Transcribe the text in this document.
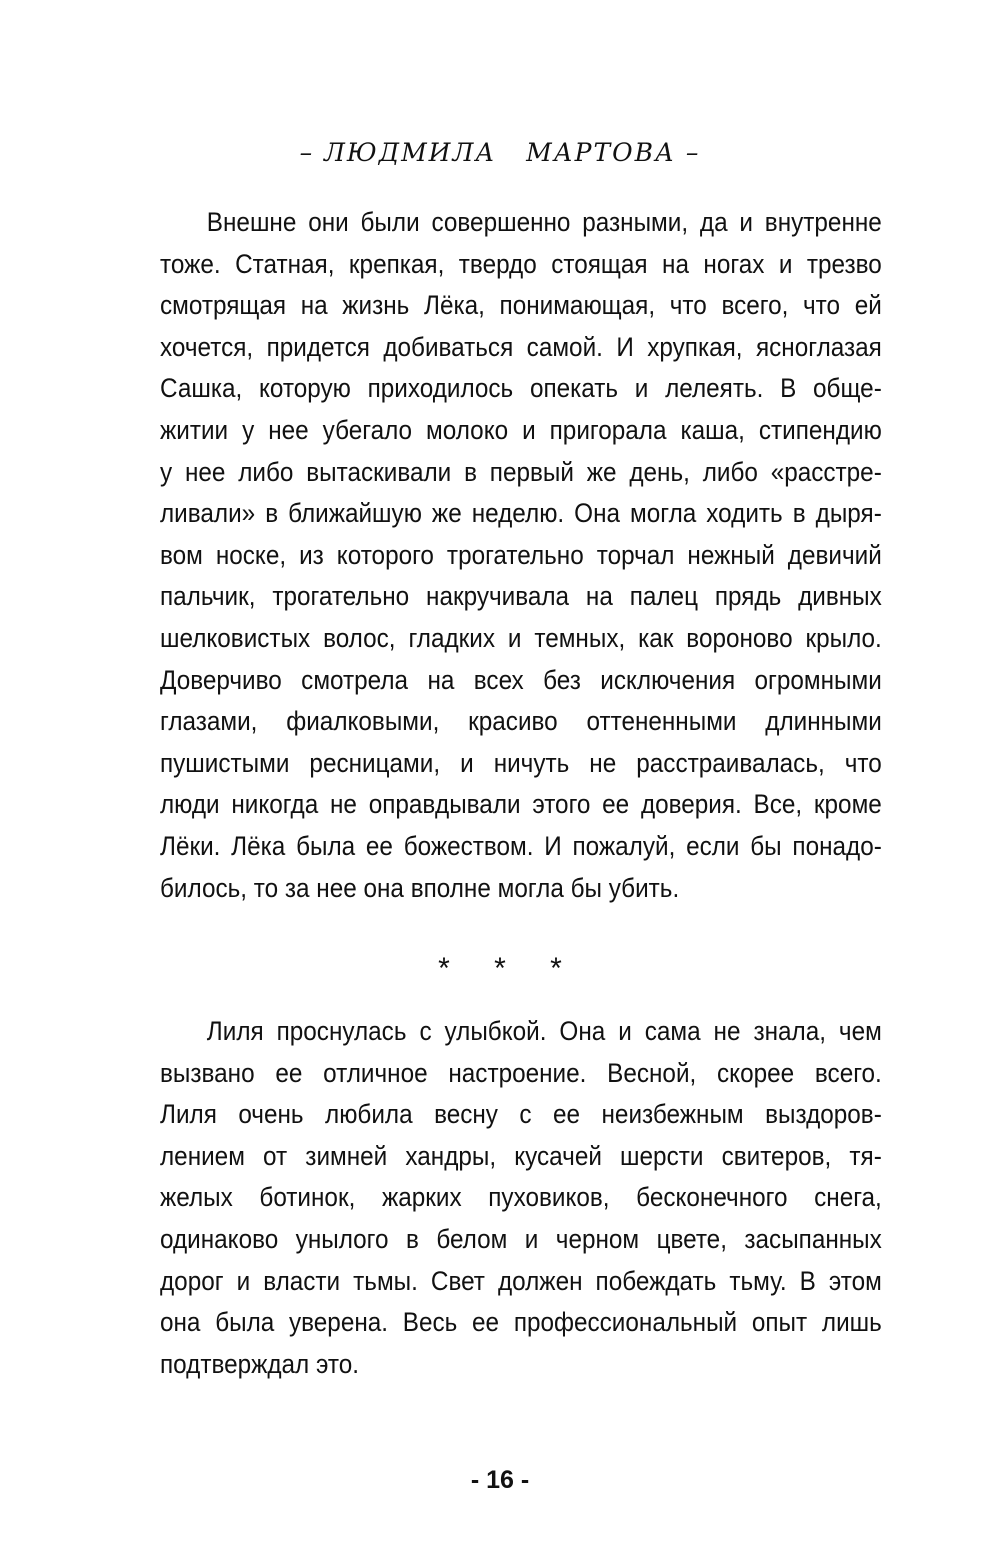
– ЛЮДМИЛА   МАРТОВА –
Внешне они были совершенно разными, да и внутренне
тоже. Статная, крепкая, твердо стоящая на ногах и трезво
смотрящая на жизнь Лёка, понимающая, что всего, что ей
хочется, придется добиваться самой. И хрупкая, ясноглазая
Сашка, которую приходилось опекать и лелеять. В обще-
житии у нее убегало молоко и пригорала каша, стипендию
у нее либо вытаскивали в первый же день, либо «расстре-
ливали» в ближайшую же неделю. Она могла ходить в дыря-
вом носке, из которого трогательно торчал нежный девичий
пальчик, трогательно накручивала на палец прядь дивных
шелковистых волос, гладких и темных, как вороново крыло.
Доверчиво смотрела на всех без исключения огромными
глазами, фиалковыми, красиво оттененными длинными
пушистыми ресницами, и ничуть не расстраивалась, что
люди никогда не оправдывали этого ее доверия. Все, кроме
Лёки. Лёка была ее божеством. И пожалуй, если бы понадо-
билось, то за нее она вполне могла бы убить.
* * *
Лиля проснулась с улыбкой. Она и сама не знала, чем
вызвано ее отличное настроение. Весной, скорее всего.
Лиля очень любила весну с ее неизбежным выздоров-
лением от зимней хандры, кусачей шерсти свитеров, тя-
желых ботинок, жарких пуховиков, бесконечного снега,
одинаково унылого в белом и черном цвете, засыпанных
дорог и власти тьмы. Свет должен побеждать тьму. В этом
она была уверена. Весь ее профессиональный опыт лишь
подтверждал это.
- 16 -
